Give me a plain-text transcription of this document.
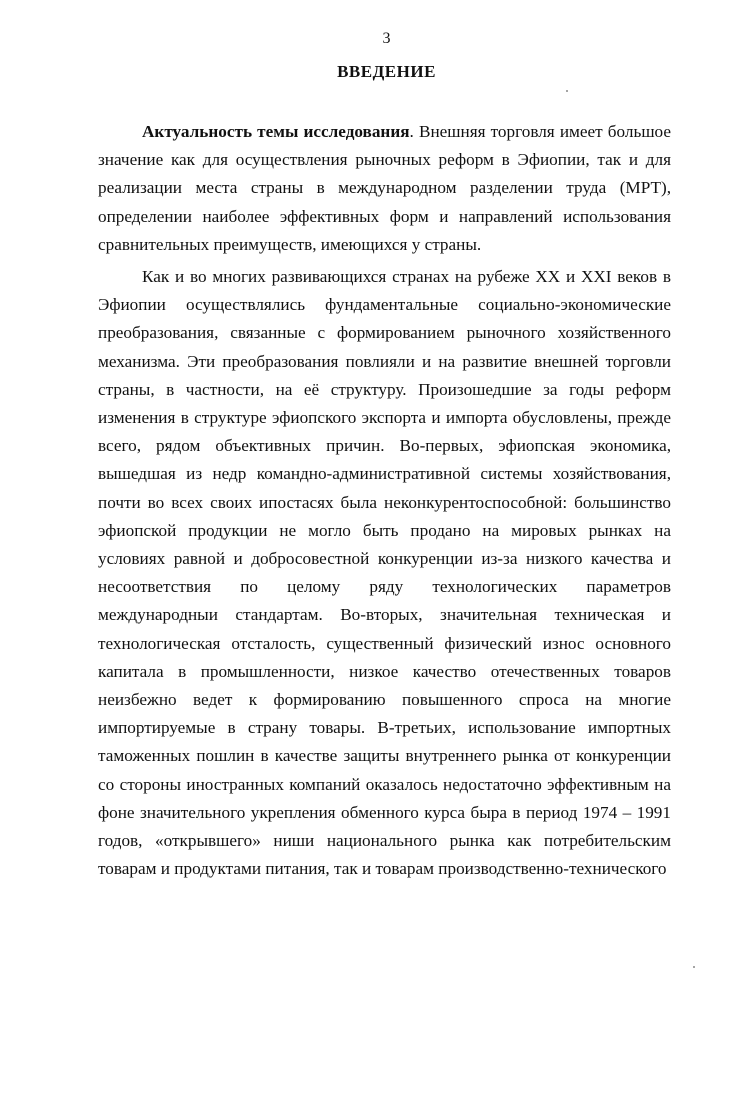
3
ВВЕДЕНИЕ

Актуальность темы исследования. Внешняя торговля имеет большое значение как для осуществления рыночных реформ в Эфиопии, так и для реализации места страны в международном разделении труда (МРТ), определении наиболее эффективных форм и направлений использования сравнительных преимуществ, имеющихся у страны.

Как и во многих развивающихся странах на рубеже XX и XXI веков в Эфиопии осуществлялись фундаментальные социально-экономические преобразования, связанные с формированием рыночного хозяйственного механизма. Эти преобразования повлияли и на развитие внешней торговли страны, в частности, на её структуру. Произошедшие за годы реформ изменения в структуре эфиопского экспорта и импорта обусловлены, прежде всего, рядом объективных причин. Во-первых, эфиопская экономика, вышедшая из недр командно-административной системы хозяйствования, почти во всех своих ипостасях была неконкурентоспособной: большинство эфиопской продукции не могло быть продано на мировых рынках на условиях равной и добросовестной конкуренции из-за низкого качества и несоответствия по целому ряду технологических параметров международныи стандартам. Во-вторых, значительная техническая и технологическая отсталость, существенный физический износ основного капитала в промышленности, низкое качество отечественных товаров неизбежно ведет к формированию повышенного спроса на многие импортируемые в страну товары. В-третьих, использование импортных таможенных пошлин в качестве защиты внутреннего рынка от конкуренции со стороны иностранных компаний оказалось недостаточно эффективным на фоне значительного укрепления обменного курса быра в период 1974 – 1991 годов, «открывшего» ниши национального рынка как потребительским товарам и продуктами питания, так и товарам производственно-технического
